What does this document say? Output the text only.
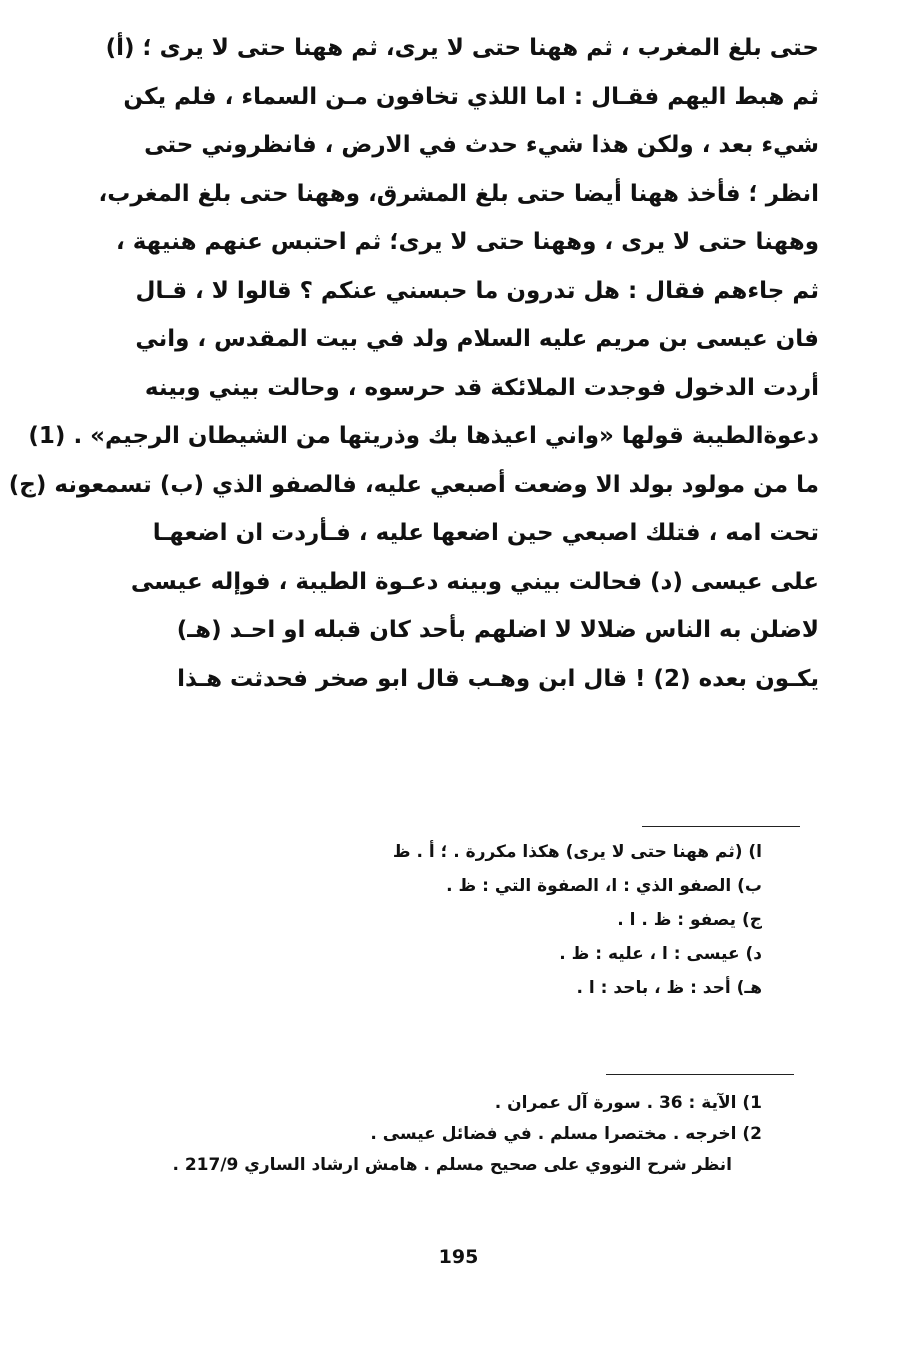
حتى بلغ المغرب ، ثم ههنا حتى لا يرى، ثم ههنا حتى لا يرى ؛ (أ)
ثم هبط اليهم فقـال : اما اللذي تخافون مـن السماء ، فلم يكن
شيء بعد ، ولكن هذا شيء حدث في الارض ، فانظروني حتى
انظر ؛ فأخذ ههنا أيضا حتى بلغ المشرق، وههنا حتى بلغ المغرب،
وههنا حتى لا يرى ، وههنا حتى لا يرى؛ ثم احتبس عنهم هنيهة ،
ثم جاءهم فقال : هل تدرون ما حبسني عنكم ؟ قالوا لا ، قـال
فان عيسى بن مريم عليه السلام ولد في بيت المقدس ، واني
أردت الدخول فوجدت الملائكة قد حرسوه ، وحالت بيني وبينه
دعوةالطيبة قولها «واني اعيذها بك وذريتها من الشيطان الرجيم» . (1)
ما من مولود بولد الا وضعت أصبعي عليه، فالصفو الذي (ب) تسمعونه (ج)
تحت امه ، فتلك اصبعي حين اضعها عليه ، فـأردت ان اضعهـا
على عيسى (د) فحالت بيني وبينه دعـوة الطيبة ، فوإله عيسى
لاضلن به الناس ضلالا لا اضلهم بأحد كان قبله او احـد (هـ)
يكـون بعده (2) ! قال ابن وهـب قال ابو صخر فحدثت هـذا
ا) (ثم ههنا حتى لا يرى) هكذا مكررة . ؛ أ . ظ
ب) الصفو الذي : ا، الصفوة التي : ظ .
ج) يصفو : ظ . ا .
د) عيسى : ا ، عليه : ظ .
هـ) أحد : ظ ، باحد : ا .
1) الآية : 36 . سورة آل عمران .
2) اخرجه . مختصرا مسلم . في فضائل عيسى .
انظر شرح النووي على صحيح مسلم . هامش ارشاد الساري 217/9 .
195
